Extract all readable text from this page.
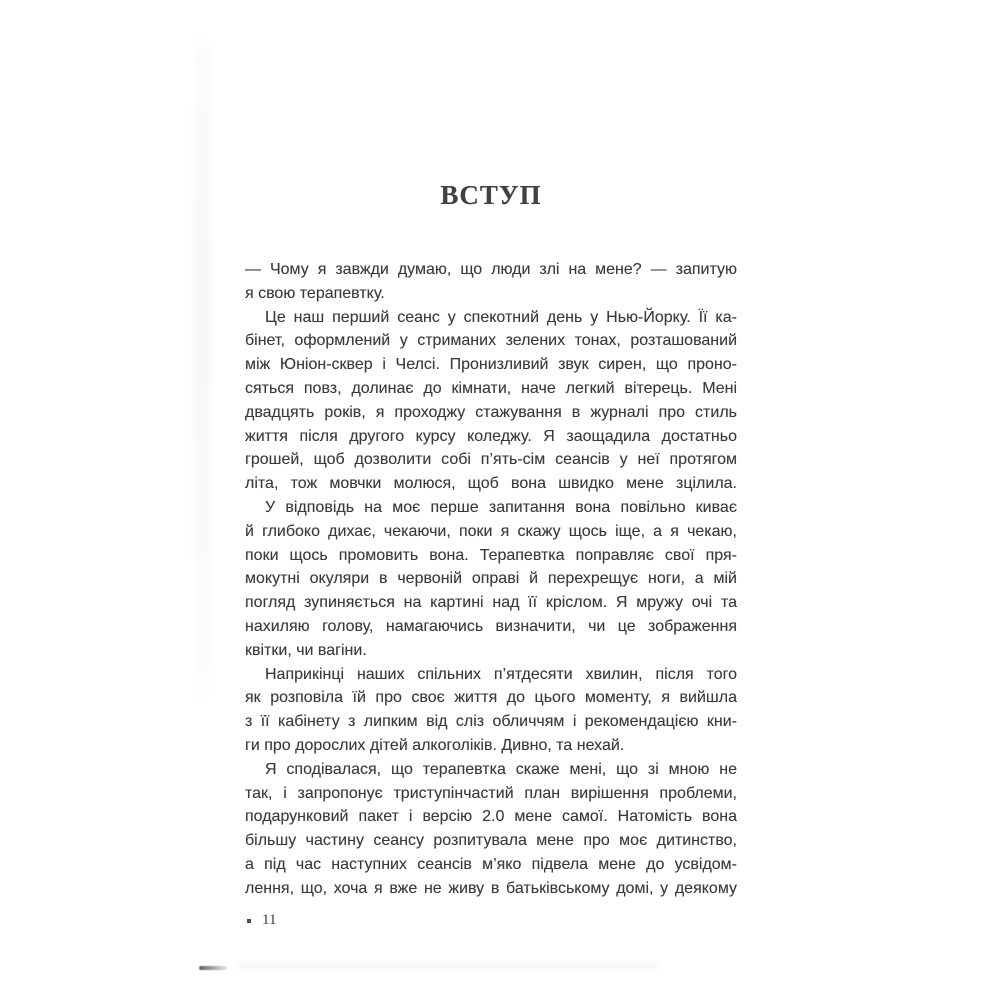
ВСТУП
— Чому я завжди думаю, що люди злі на мене? — запитую
я свою терапевтку.
Це наш перший сеанс у спекотний день у Нью-Йорку. Її ка-
бінет, оформлений у стриманих зелених тонах, розташований
між Юніон-сквер і Челсі. Пронизливий звук сирен, що проно-
сяться повз, долинає до кімнати, наче легкий вітерець. Мені
двадцять років, я проходжу стажування в журналі про стиль
життя після другого курсу коледжу. Я заощадила достатньо
грошей, щоб дозволити собі п’ять-сім сеансів у неї протягом
літа, тож мовчки молюся, щоб вона швидко мене зцілила.
У відповідь на моє перше запитання вона повільно киває
й глибоко дихає, чекаючи, поки я скажу щось іще, а я чекаю,
поки щось промовить вона. Терапевтка поправляє свої пря-
мокутні окуляри в червоній оправі й перехрещує ноги, а мій
погляд зупиняється на картині над її кріслом. Я мружу очі та
нахиляю голову, намагаючись визначити, чи це зображення
квітки, чи вагіни.
Наприкінці наших спільних п’ятдесяти хвилин, після того
як розповіла їй про своє життя до цього моменту, я вийшла
з її кабінету з липким від сліз обличчям і рекомендацією кни-
ги про дорослих дітей алкоголіків. Дивно, та нехай.
Я сподівалася, що терапевтка скаже мені, що зі мною не
так, і запропонує триступінчастий план вирішення проблеми,
подарунковий пакет і версію 2.0 мене самої. Натомість вона
більшу частину сеансу розпитувала мене про моє дитинство,
а під час наступних сеансів м’яко підвела мене до усвідом-
лення, що, хоча я вже не живу в батьківському домі, у деякому
11
